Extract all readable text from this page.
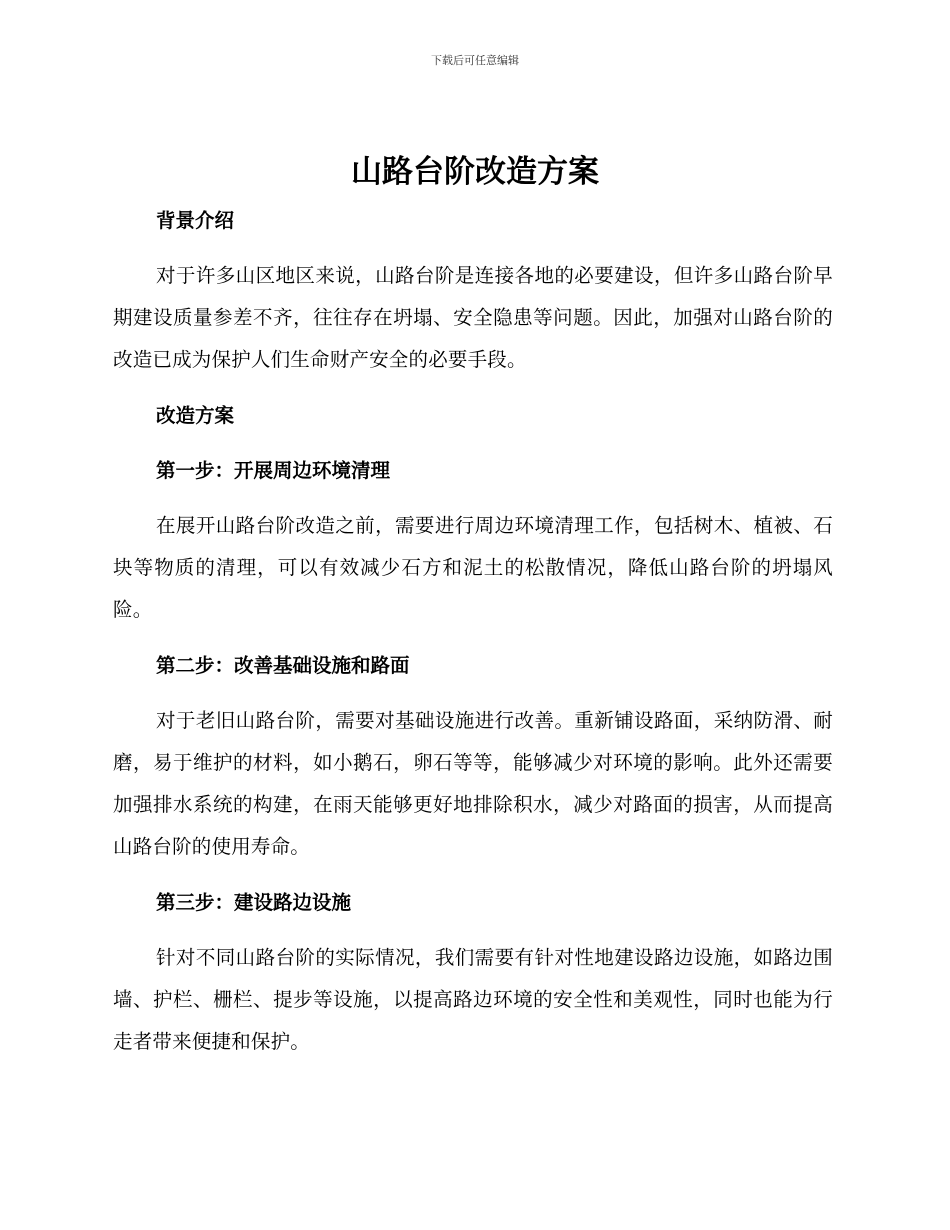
下载后可任意编辑
山路台阶改造方案

背景介绍

对于许多山区地区来说，山路台阶是连接各地的必要建设，但许多山路台阶早期建设质量参差不齐，往往存在坍塌、安全隐患等问题。因此，加强对山路台阶的改造已成为保护人们生命财产安全的必要手段。

改造方案

第一步：开展周边环境清理

在展开山路台阶改造之前，需要进行周边环境清理工作，包括树木、植被、石块等物质的清理，可以有效减少石方和泥土的松散情况，降低山路台阶的坍塌风险。

第二步：改善基础设施和路面

对于老旧山路台阶，需要对基础设施进行改善。重新铺设路面，采纳防滑、耐磨，易于维护的材料，如小鹅石，卵石等等，能够减少对环境的影响。此外还需要加强排水系统的构建，在雨天能够更好地排除积水，减少对路面的损害，从而提高山路台阶的使用寿命。

第三步：建设路边设施

针对不同山路台阶的实际情况，我们需要有针对性地建设路边设施，如路边围墙、护栏、栅栏、提步等设施，以提高路边环境的安全性和美观性，同时也能为行走者带来便捷和保护。
